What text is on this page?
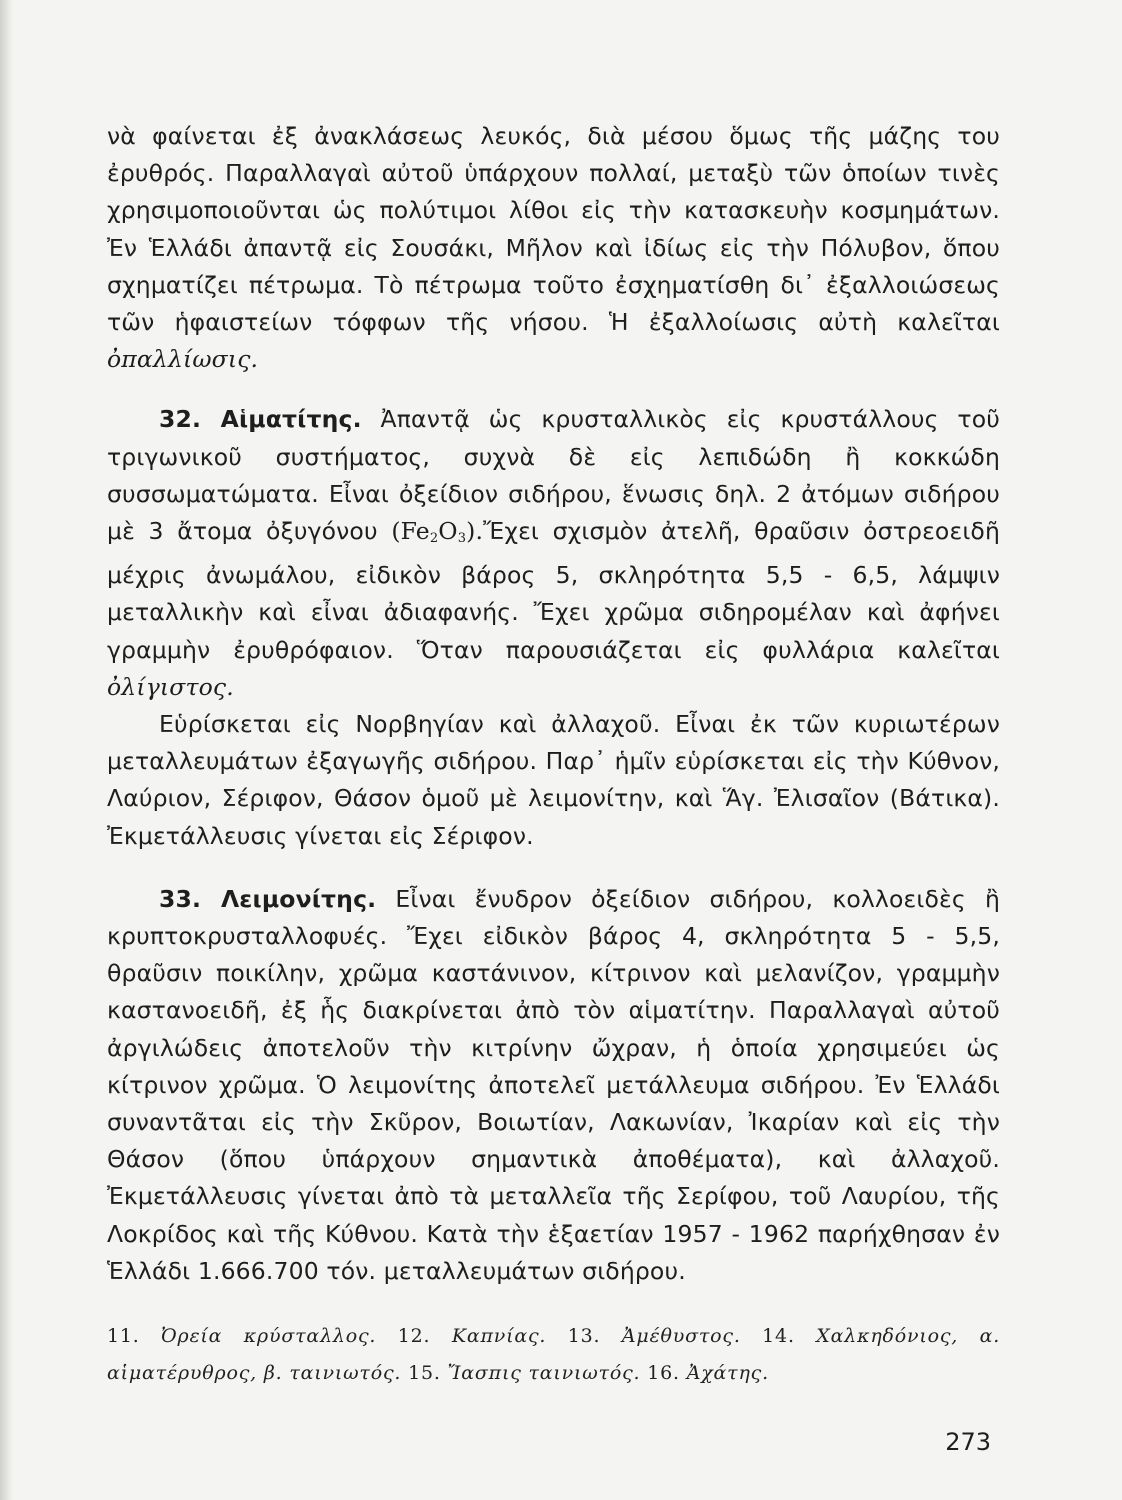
νὰ φαίνεται ἐξ ἀνακλάσεως λευκός, διὰ μέσου ὅμως τῆς μάζης του ἐρυθρός. Παραλλαγαὶ αὐτοῦ ὑπάρχουν πολλαί, μεταξὺ τῶν ὁποίων τινὲς χρησιμοποιοῦνται ὡς πολύτιμοι λίθοι εἰς τὴν κατασκευὴν κοσμημάτων. Ἐν Ἑλλάδι ἀπαντᾷ εἰς Σουσάκι, Μῆλον καὶ ἰδίως εἰς τὴν Πόλυβον, ὅπου σχηματίζει πέτρωμα. Τὸ πέτρωμα τοῦτο ἐσχηματίσθη δι᾽ ἐξαλλοιώσεως τῶν ἡφαιστείων τόφφων τῆς νήσου. Ἡ ἐξαλλοίωσις αὐτὴ καλεῖται ὀπαλλίωσις.

32. Αἱματίτης. Ἀπαντᾷ ὡς κρυσταλλικὸς εἰς κρυστάλλους τοῦ τριγωνικοῦ συστήματος, συχνὰ δὲ εἰς λεπιδώδη ἢ κοκκώδη συσσωματώματα. Εἶναι ὀξείδιον σιδήρου, ἕνωσις δηλ. 2 ἀτόμων σιδήρου μὲ 3 ἄτομα ὀξυγόνου $(Fe_2O_3).Ἔ\chi\varepsilon\iota$ σχισμὸν ἀτελῆ, θραῦσιν ὀστρεοειδῆ μέχρις ἀνωμάλου, εἰδικὸν βάρος 5, σκληρότητα 5,5 - 6,5, λάμψιν μεταλλικὴν καὶ εἶναι ἀδιαφανής. Ἔχει χρῶμα σιδηρομέλαν καὶ ἀφήνει γραμμὴν ἐρυθρόφαιον. Ὅταν παρουσιάζεται εἰς φυλλάρια καλεῖται ὀλίγιστος.

Εὑρίσκεται εἰς Νορβηγίαν καὶ ἀλλαχοῦ. Εἶναι ἐκ τῶν κυριωτέρων μεταλλευμάτων ἐξαγωγῆς σιδήρου. Παρ᾽ ἡμῖν εὑρίσκεται εἰς τὴν Κύθνον, Λαύριον, Σέριφον, Θάσον ὁμοῦ μὲ λειμονίτην, καὶ Ἅγ. Ἐλισαῖον (Βάτικα). Ἐκμετάλλευσις γίνεται εἰς Σέριφον.

33. Λειμονίτης. Εἶναι ἔνυδρον ὀξείδιον σιδήρου, κολλοειδὲς ἢ κρυπτοκρυσταλλοφυές. Ἔχει εἰδικὸν βάρος 4, σκληρότητα 5 - 5,5, θραῦσιν ποικίλην, χρῶμα καστάνινον, κίτρινον καὶ μελανίζον, γραμμὴν καστανοειδῆ, ἐξ ἧς διακρίνεται ἀπὸ τὸν αἱματίτην. Παραλλαγαὶ αὐτοῦ ἀργιλώδεις ἀποτελοῦν τὴν κιτρίνην ὤχραν, ἡ ὁποία χρησιμεύει ὡς κίτρινον χρῶμα. Ὁ λειμονίτης ἀποτελεῖ μετάλλευμα σιδήρου. Ἐν Ἑλλάδι συναντᾶται εἰς τὴν Σκῦρον, Βοιωτίαν, Λακωνίαν, Ἰκαρίαν καὶ εἰς τὴν Θάσον (ὅπου ὑπάρχουν σημαντικὰ ἀποθέματα), καὶ ἀλλαχοῦ. Ἐκμετάλλευσις γίνεται ἀπὸ τὰ μεταλλεῖα τῆς Σερίφου, τοῦ Λαυρίου, τῆς Λοκρίδος καὶ τῆς Κύθνου. Κατὰ τὴν ἑξαετίαν 1957 - 1962 παρήχθησαν ἐν Ἑλλάδι 1.666.700 τόν. μεταλλευμάτων σιδήρου.

11. Ὀρεία κρύσταλλος. 12. Καπνίας. 13. Ἀμέθυστος. 14. Χαλκηδόνιος, α. αἱματέρυθρος, β. ταινιωτός. 15. Ἴασπις ταινιωτός. 16. Ἀχάτης.

273
